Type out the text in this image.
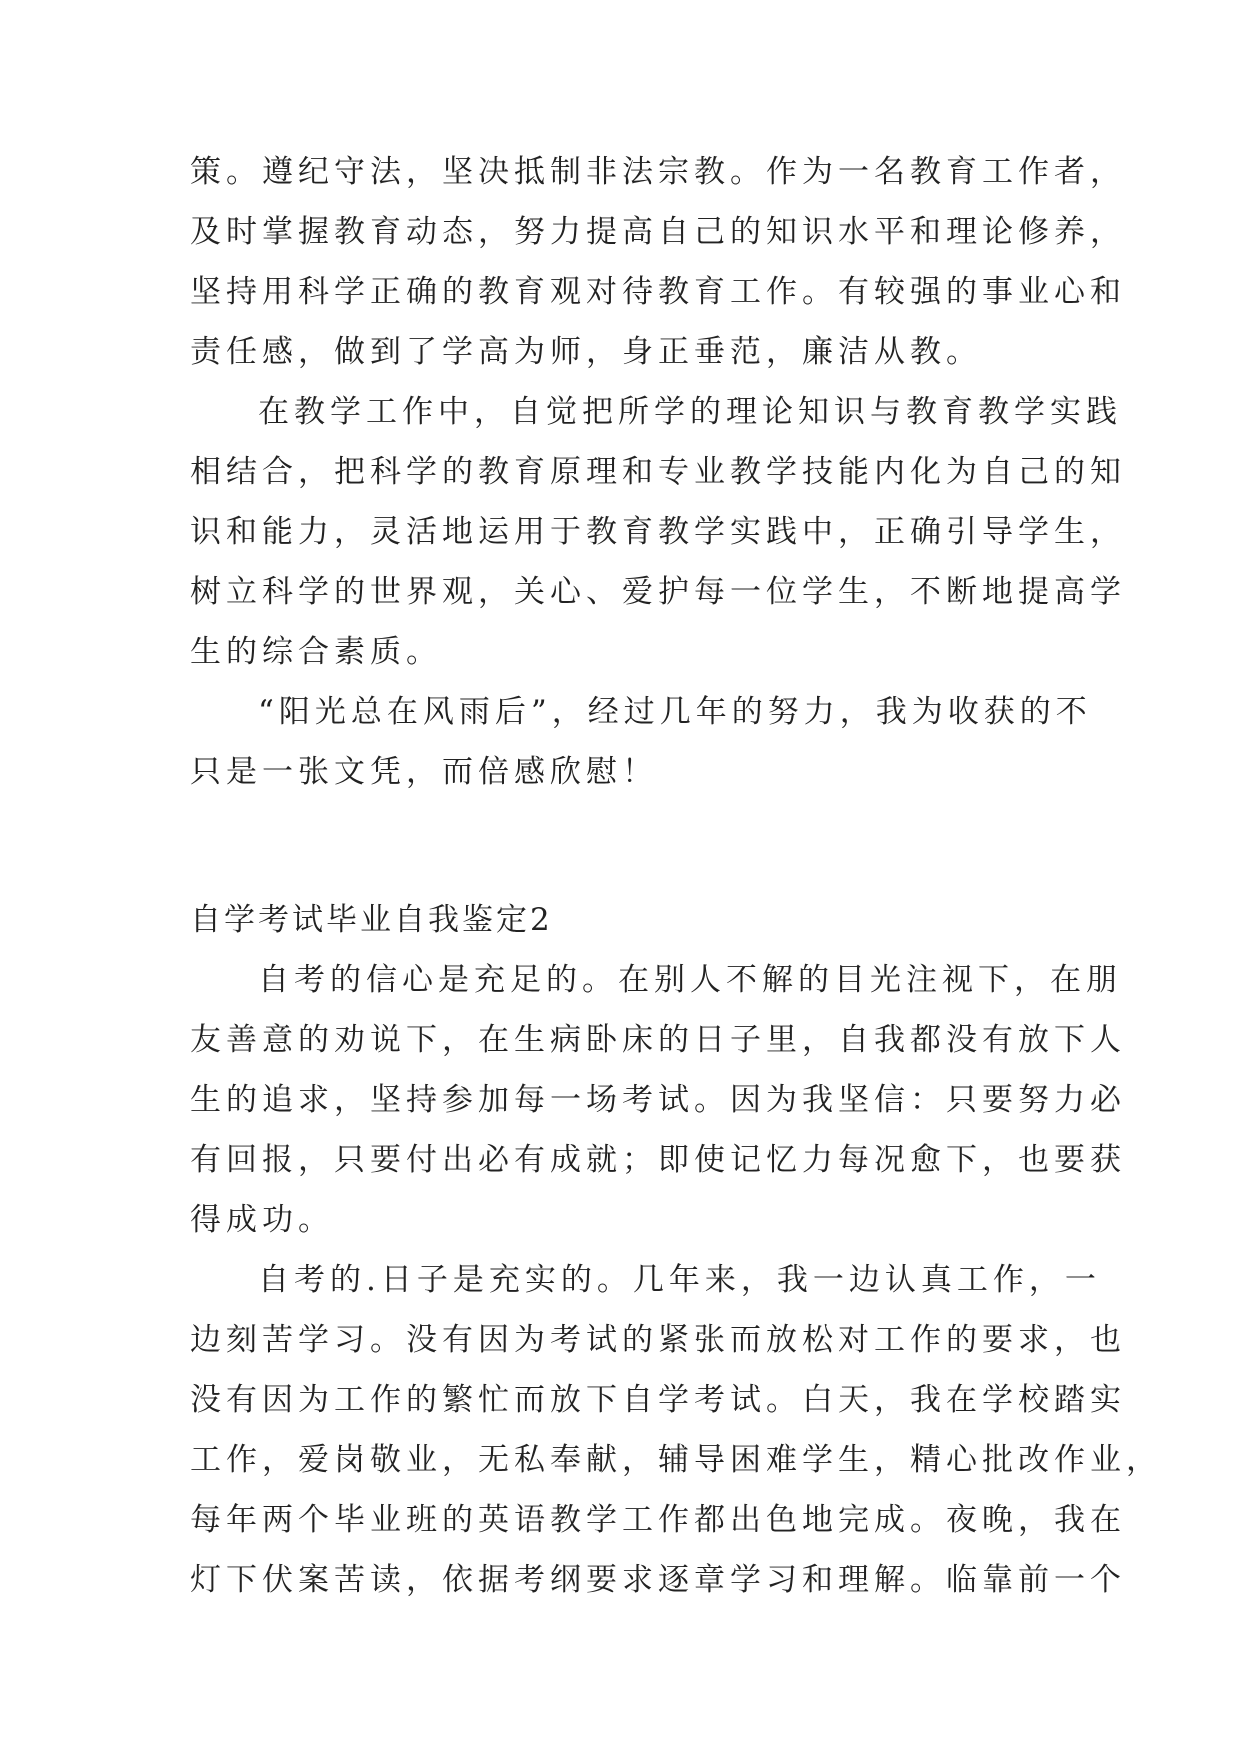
策。遵纪守法，坚决抵制非法宗教。作为一名教育工作者，
及时掌握教育动态，努力提高自己的知识水平和理论修养，
坚持用科学正确的教育观对待教育工作。有较强的事业心和
责任感，做到了学高为师，身正垂范，廉洁从教。
在教学工作中，自觉把所学的理论知识与教育教学实践
相结合，把科学的教育原理和专业教学技能内化为自己的知
识和能力，灵活地运用于教育教学实践中，正确引导学生，
树立科学的世界观，关心、爱护每一位学生，不断地提高学
生的综合素质。
“阳光总在风雨后”，经过几年的努力，我为收获的不
只是一张文凭，而倍感欣慰！
自学考试毕业自我鉴定2
自考的信心是充足的。在别人不解的目光注视下，在朋
友善意的劝说下，在生病卧床的日子里，自我都没有放下人
生的追求，坚持参加每一场考试。因为我坚信：只要努力必
有回报，只要付出必有成就；即使记忆力每况愈下，也要获
得成功。
自考的.日子是充实的。几年来，我一边认真工作，一
边刻苦学习。没有因为考试的紧张而放松对工作的要求，也
没有因为工作的繁忙而放下自学考试。白天，我在学校踏实
工作，爱岗敬业，无私奉献，辅导困难学生，精心批改作业，
每年两个毕业班的英语教学工作都出色地完成。夜晚，我在
灯下伏案苦读，依据考纲要求逐章学习和理解。临靠前一个
